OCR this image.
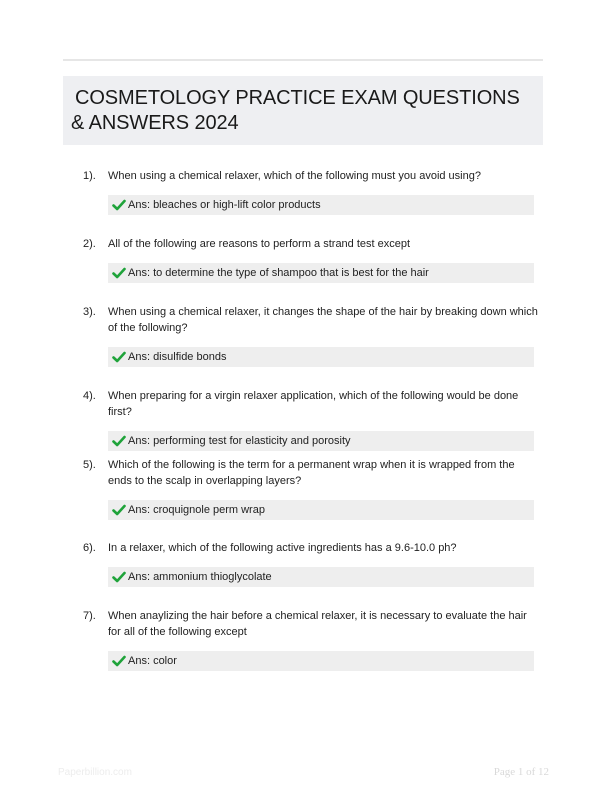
COSMETOLOGY PRACTICE EXAM QUESTIONS & ANSWERS 2024
1). When using a chemical relaxer, which of the following must you avoid using?
Ans: bleaches or high-lift color products
2). All of the following are reasons to perform a strand test except
Ans: to determine the type of shampoo that is best for the hair
3). When using a chemical relaxer, it changes the shape of the hair by breaking down which of the following?
Ans: disulfide bonds
4). When preparing for a virgin relaxer application, which of the following would be done first?
Ans: performing test for elasticity and porosity
5). Which of the following is the term for a permanent wrap when it is wrapped from the ends to the scalp in overlapping layers?
Ans: croquignole perm wrap
6). In a relaxer, which of the following active ingredients has a 9.6-10.0 ph?
Ans: ammonium thioglycolate
7). When anaylizing the hair before a chemical relaxer, it is necessary to evaluate the hair for all of the following except
Ans: color
Paperbillion.com	Page 1 of 12
